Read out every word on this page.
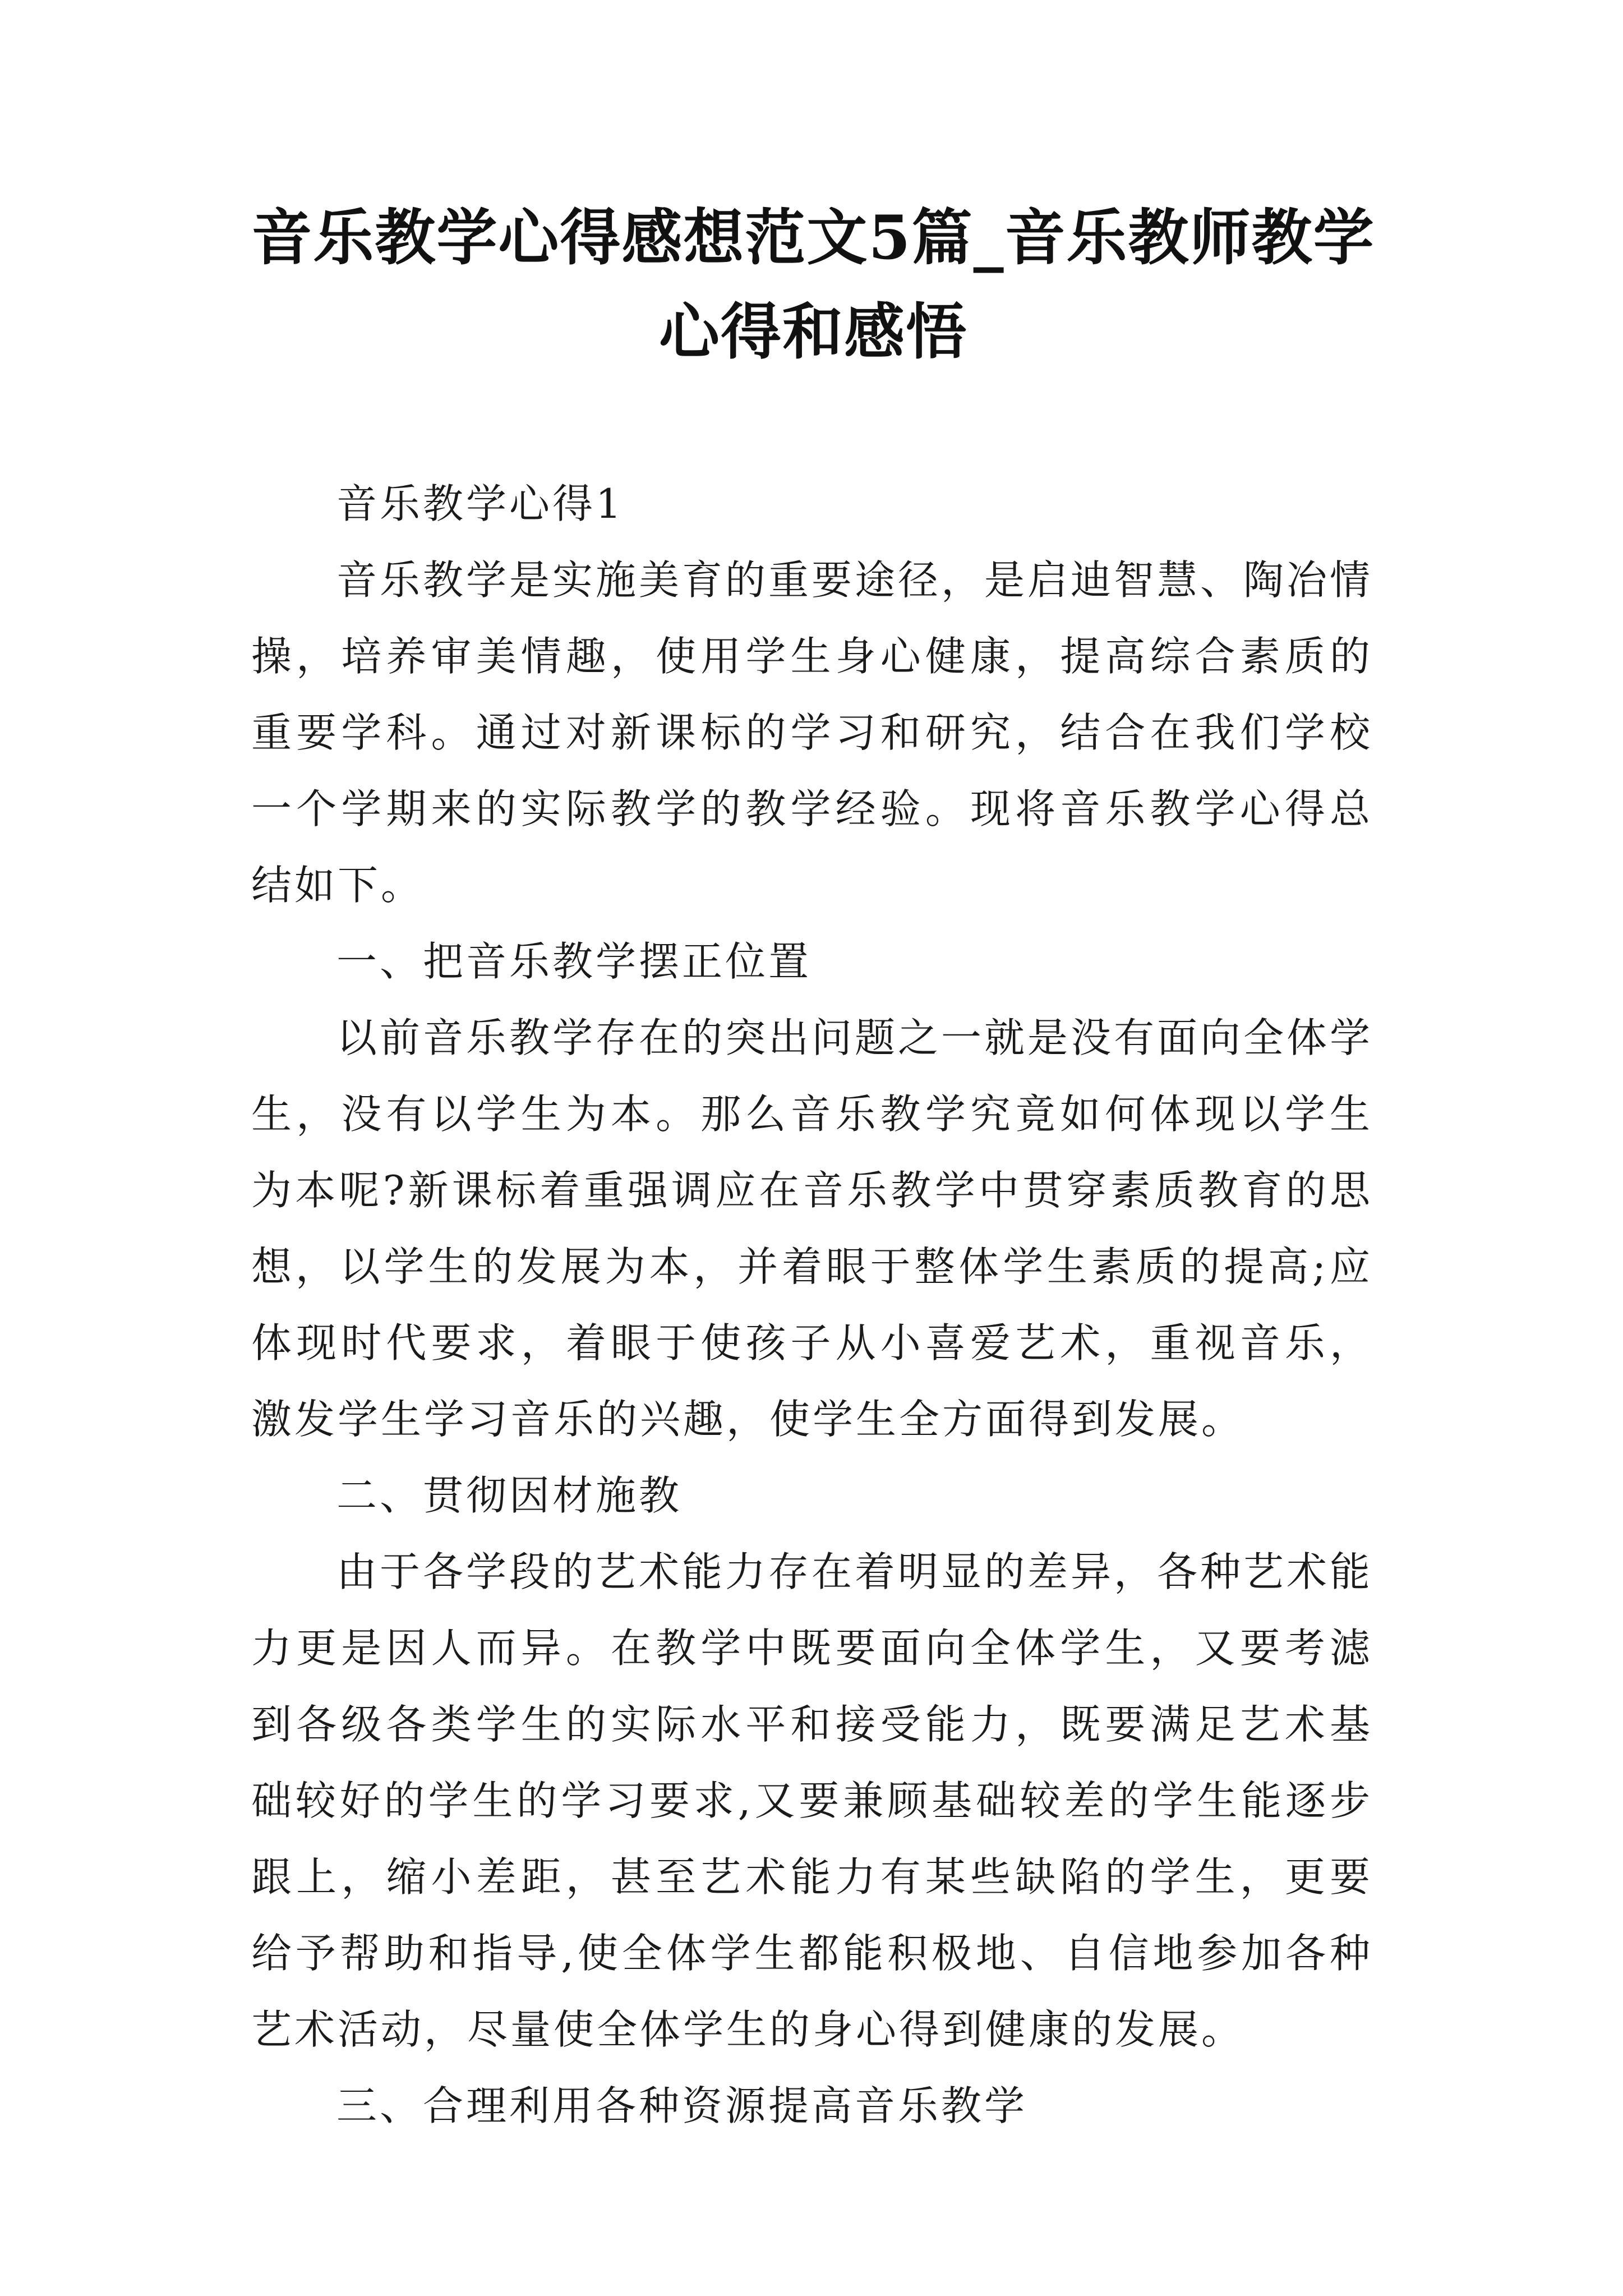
音乐教学心得感想范文5篇_音乐教师教学心得和感悟

音乐教学心得1

音乐教学是实施美育的重要途径，是启迪智慧、陶冶情操，培养审美情趣，使用学生身心健康，提高综合素质的重要学科。通过对新课标的学习和研究，结合在我们学校一个学期来的实际教学的教学经验。现将音乐教学心得总结如下。

一、把音乐教学摆正位置

以前音乐教学存在的突出问题之一就是没有面向全体学生，没有以学生为本。那么音乐教学究竟如何体现以学生为本呢?新课标着重强调应在音乐教学中贯穿素质教育的思想，以学生的发展为本，并着眼于整体学生素质的提高;应体现时代要求，着眼于使孩子从小喜爱艺术，重视音乐，激发学生学习音乐的兴趣，使学生全方面得到发展。

二、贯彻因材施教

由于各学段的艺术能力存在着明显的差异，各种艺术能力更是因人而异。在教学中既要面向全体学生，又要考滤到各级各类学生的实际水平和接受能力，既要满足艺术基础较好的学生的学习要求,又要兼顾基础较差的学生能逐步跟上，缩小差距，甚至艺术能力有某些缺陷的学生，更要给予帮助和指导,使全体学生都能积极地、自信地参加各种艺术活动，尽量使全体学生的身心得到健康的发展。

三、合理利用各种资源提高音乐教学
